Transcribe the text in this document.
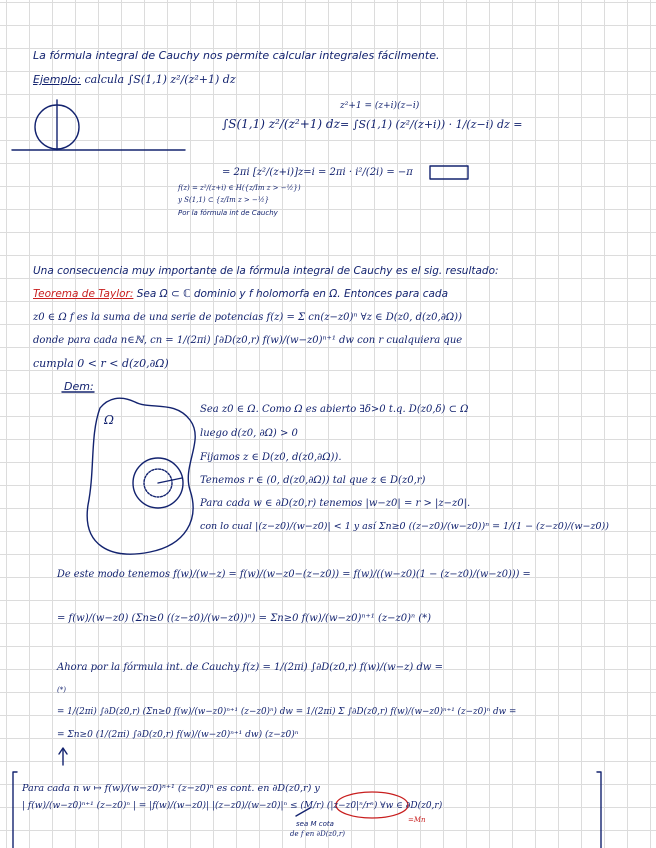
La fórmula integral de Cauchy nos permite calcular integrales fácilmente.
Ejemplo: calcula ∫S(1,1) z²/(z²+1) dz
z²+1 = (z+i)(z−i)
∫S(1,1) z²/(z²+1) dz = ∫S(1,1) (z²/(z+i)) · 1/(z−i) dz =
= 2πi [z²/(z+i)]z=i = 2πi · i²/(2i) = −π
f(z) = z²/(z+i) ∈ H({z/Im z > −½})
y S(1,1) ⊂ {z/Im z > −½}
Por la fórmula int de Cauchy
Una consecuencia muy importante de la fórmula integral de Cauchy es el sig. resultado:
Teorema de Taylor: Sea Ω ⊂ ℂ dominio y f holomorfa en Ω. Entonces para cada
z0 ∈ Ω f es la suma de una serie de potencias f(z) = Σ cn(z−z0)ⁿ ∀z ∈ D(z0, d(z0,∂Ω))
donde para cada n∈ℕ, cn = 1/(2πi) ∫∂D(z0,r) f(w)/(w−z0)ⁿ⁺¹ dw con r cualquiera que
cumpla 0 < r < d(z0,∂Ω)
Dem:
Ω
Sea z0 ∈ Ω. Como Ω es abierto ∃δ>0 t.q. D(z0,δ) ⊂ Ω
luego d(z0, ∂Ω) > 0
Fijamos z ∈ D(z0, d(z0,∂Ω)).
Tenemos r ∈ (0, d(z0,∂Ω)) tal que z ∈ D(z0,r)
Para cada w ∈ ∂D(z0,r) tenemos |w−z0| = r > |z−z0|.
con lo cual |(z−z0)/(w−z0)| < 1 y así Σn≥0 ((z−z0)/(w−z0))ⁿ = 1/(1 − (z−z0)/(w−z0))
De este modo tenemos f(w)/(w−z) = f(w)/(w−z0−(z−z0)) = f(w)/((w−z0)(1 − (z−z0)/(w−z0))) =
= f(w)/(w−z0) (Σn≥0 ((z−z0)/(w−z0))ⁿ) = Σn≥0 f(w)/(w−z0)ⁿ⁺¹ (z−z0)ⁿ (*)
Ahora por la fórmula int. de Cauchy f(z) = 1/(2πi) ∫∂D(z0,r) f(w)/(w−z) dw =
(*)
= 1/(2πi) ∫∂D(z0,r) (Σn≥0 f(w)/(w−z0)ⁿ⁺¹ (z−z0)ⁿ) dw = 1/(2πi) Σ ∫∂D(z0,r) f(w)/(w−z0)ⁿ⁺¹ (z−z0)ⁿ dw =
= Σn≥0 (1/(2πi) ∫∂D(z0,r) f(w)/(w−z0)ⁿ⁺¹ dw) (z−z0)ⁿ
Para cada n w ↦ f(w)/(w−z0)ⁿ⁺¹ (z−z0)ⁿ es cont. en ∂D(z0,r) y
| f(w)/(w−z0)ⁿ⁺¹ (z−z0)ⁿ | = |f(w)/(w−z0)| |(z−z0)/(w−z0)|ⁿ ≤ (M/r) (|z−z0|ⁿ/rⁿ) ∀w ∈ ∂D(z0,r)
=Mn
sea M cota
de f en ∂D(z0,r)
